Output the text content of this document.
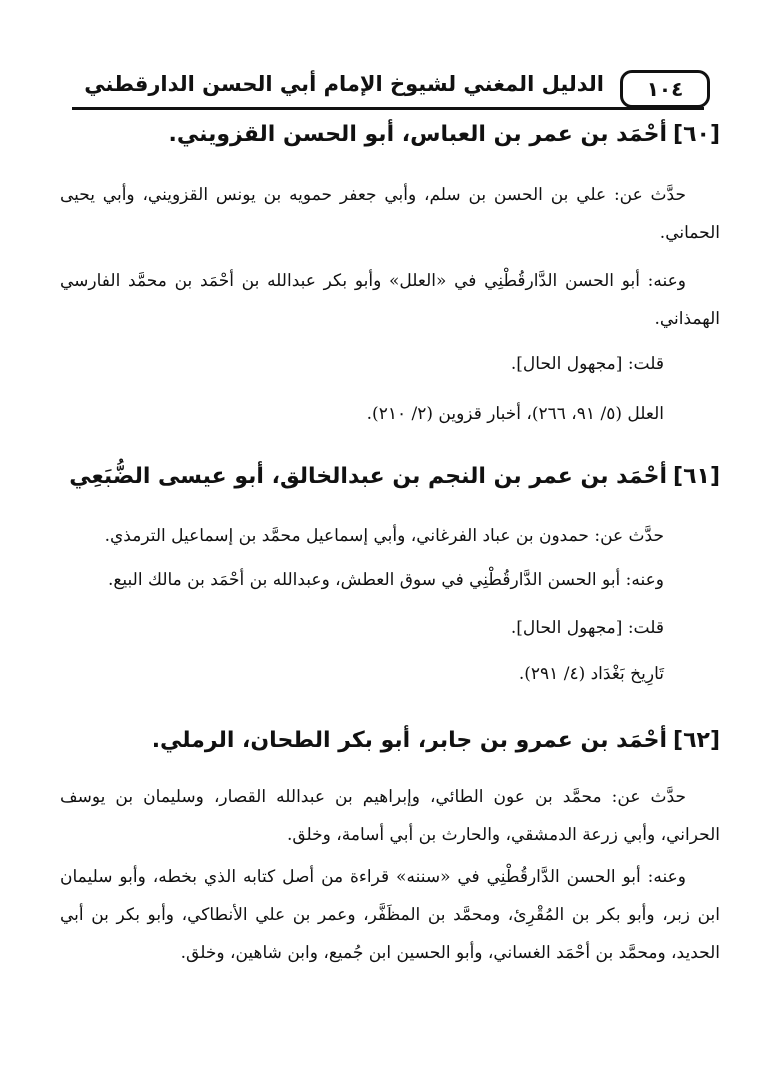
١٠٤
الدليل المغني لشيوخ الإمام أبي الحسن الدارقطني
[٦٠]أحْمَد بن عمر بن العباس، أبو الحسن القزويني.
حدَّث عن: علي بن الحسن بن سلم، وأبي جعفر حمويه بن يونس القزويني، وأبي يحيى الحماني.
وعنه: أبو الحسن الدَّارقُطْنِي في «العلل» وأبو بكر عبدالله بن أحْمَد بن محمَّد الفارسي الهمذاني.
قلت: [مجهول الحال].
العلل (٥/ ٩١، ٢٦٦)، أخبار قزوين (٢/ ٢١٠).
[٦١]أحْمَد بن عمر بن النجم بن عبدالخالق، أبو عيسى الضُّبَعِي
حدَّث عن: حمدون بن عباد الفرغاني، وأبي إسماعيل محمَّد بن إسماعيل الترمذي.
وعنه: أبو الحسن الدَّارقُطْنِي في سوق العطش، وعبدالله بن أحْمَد بن مالك البيع.
قلت: [مجهول الحال].
تَارِيخ بَغْدَاد (٤/ ٢٩١).
[٦٢]أحْمَد بن عمرو بن جابر، أبو بكر الطحان، الرملي.
حدَّث عن: محمَّد بن عون الطائي، وإبراهيم بن عبدالله القصار، وسليمان بن يوسف الحراني، وأبي زرعة الدمشقي، والحارث بن أبي أسامة، وخلق.
وعنه: أبو الحسن الدَّارقُطْنِي في «سننه» قراءة من أصل كتابه الذي بخطه، وأبو سليمان ابن زبر، وأبو بكر بن المُقْرِئ، ومحمَّد بن المظَفَّر، وعمر بن علي الأنطاكي، وأبو بكر بن أبي الحديد، ومحمَّد بن أحْمَد الغساني، وأبو الحسين ابن جُميع، وابن شاهين، وخلق.
